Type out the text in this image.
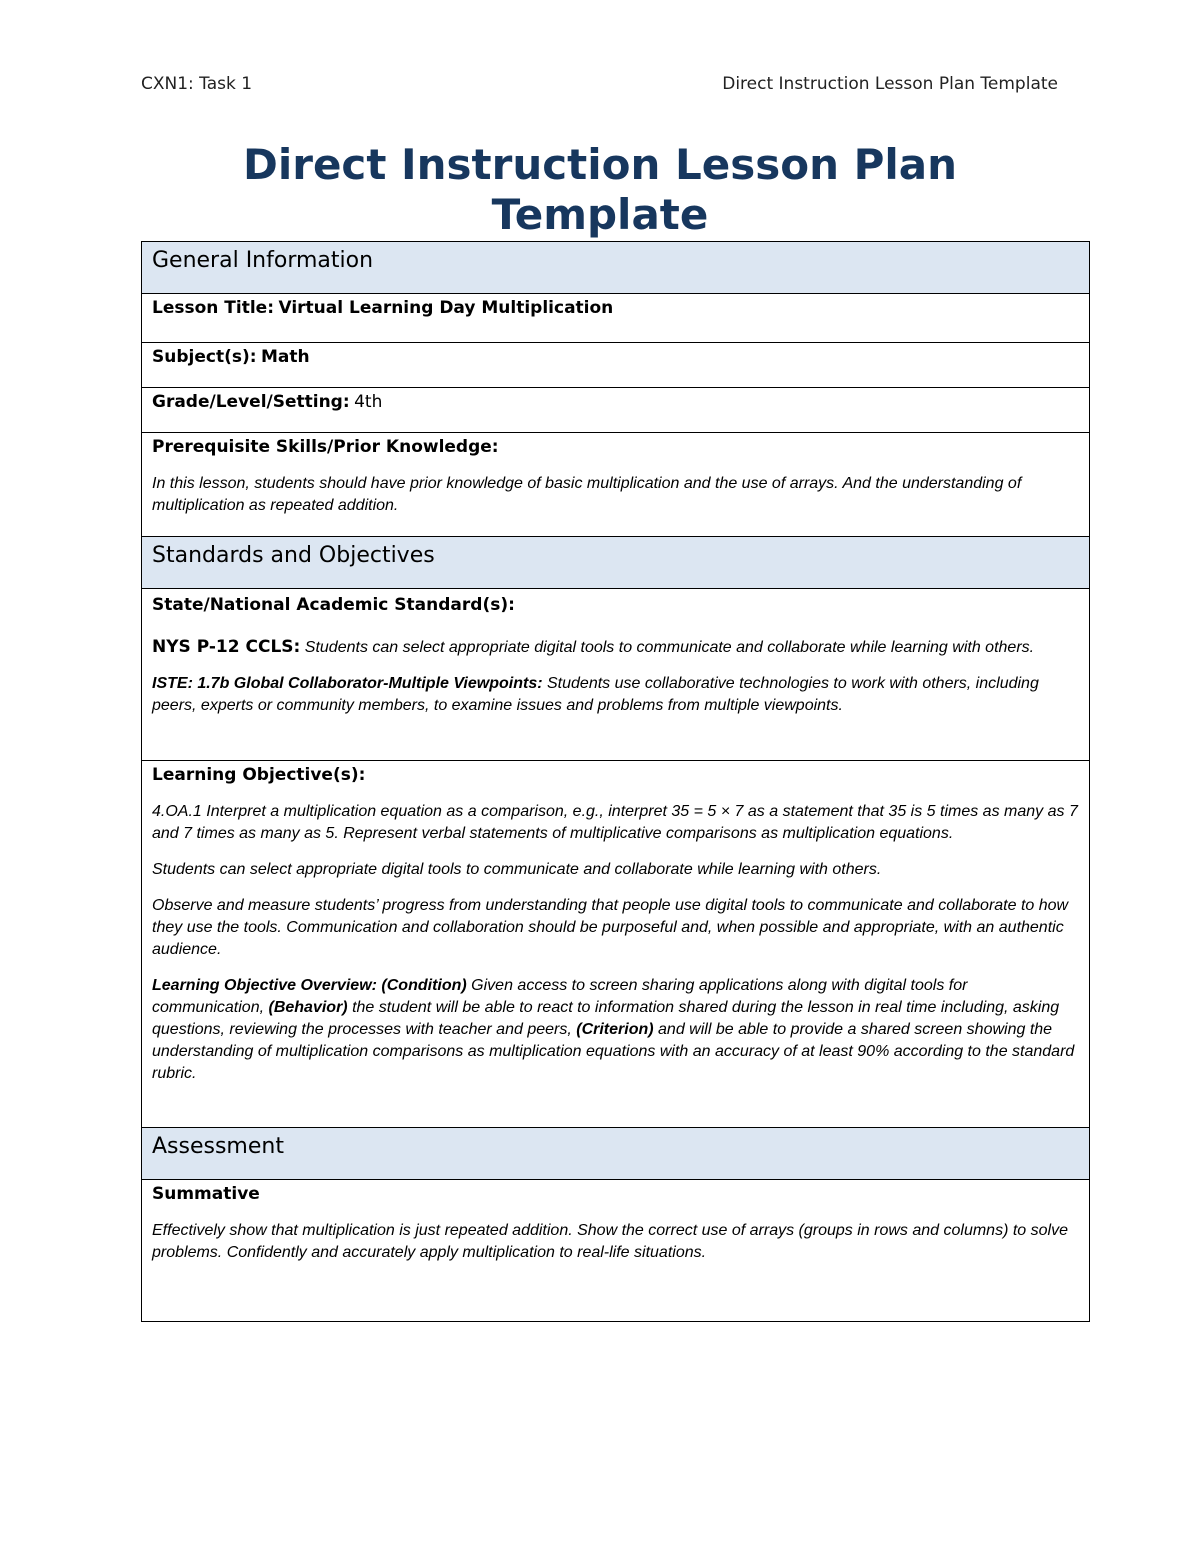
CXN1: Task 1	Direct Instruction Lesson Plan Template
Direct Instruction Lesson Plan
Template
General Information
Lesson Title: Virtual Learning Day Multiplication
Subject(s): Math
Grade/Level/Setting: 4th

Prerequisite Skills/Prior Knowledge:

In this lesson, students should have prior knowledge of basic multiplication and the use of arrays. And the understanding of multiplication as repeated addition.

Standards and Objectives

State/National Academic Standard(s):

NYS P-12 CCLS: Students can select appropriate digital tools to communicate and collaborate while learning with others.

ISTE: 1.7b Global Collaborator-Multiple Viewpoints: Students use collaborative technologies to work with others, including peers, experts or community members, to examine issues and problems from multiple viewpoints.

Learning Objective(s):

4.OA.1 Interpret a multiplication equation as a comparison, e.g., interpret 35 = 5 × 7 as a statement that 35 is 5 times as many as 7 and 7 times as many as 5. Represent verbal statements of multiplicative comparisons as multiplication equations.

Students can select appropriate digital tools to communicate and collaborate while learning with others.

Observe and measure students’ progress from understanding that people use digital tools to communicate and collaborate to how they use the tools. Communication and collaboration should be purposeful and, when possible and appropriate, with an authentic audience.

Learning Objective Overview: (Condition) Given access to screen sharing applications along with digital tools for communication, (Behavior) the student will be able to react to information shared during the lesson in real time including, asking questions, reviewing the processes with teacher and peers, (Criterion) and will be able to provide a shared screen showing the understanding of multiplication comparisons as multiplication equations with an accuracy of at least 90% according to the standard rubric.

Assessment

Summative

Effectively show that multiplication is just repeated addition. Show the correct use of arrays (groups in rows and columns) to solve problems. Confidently and accurately apply multiplication to real-life situations.
